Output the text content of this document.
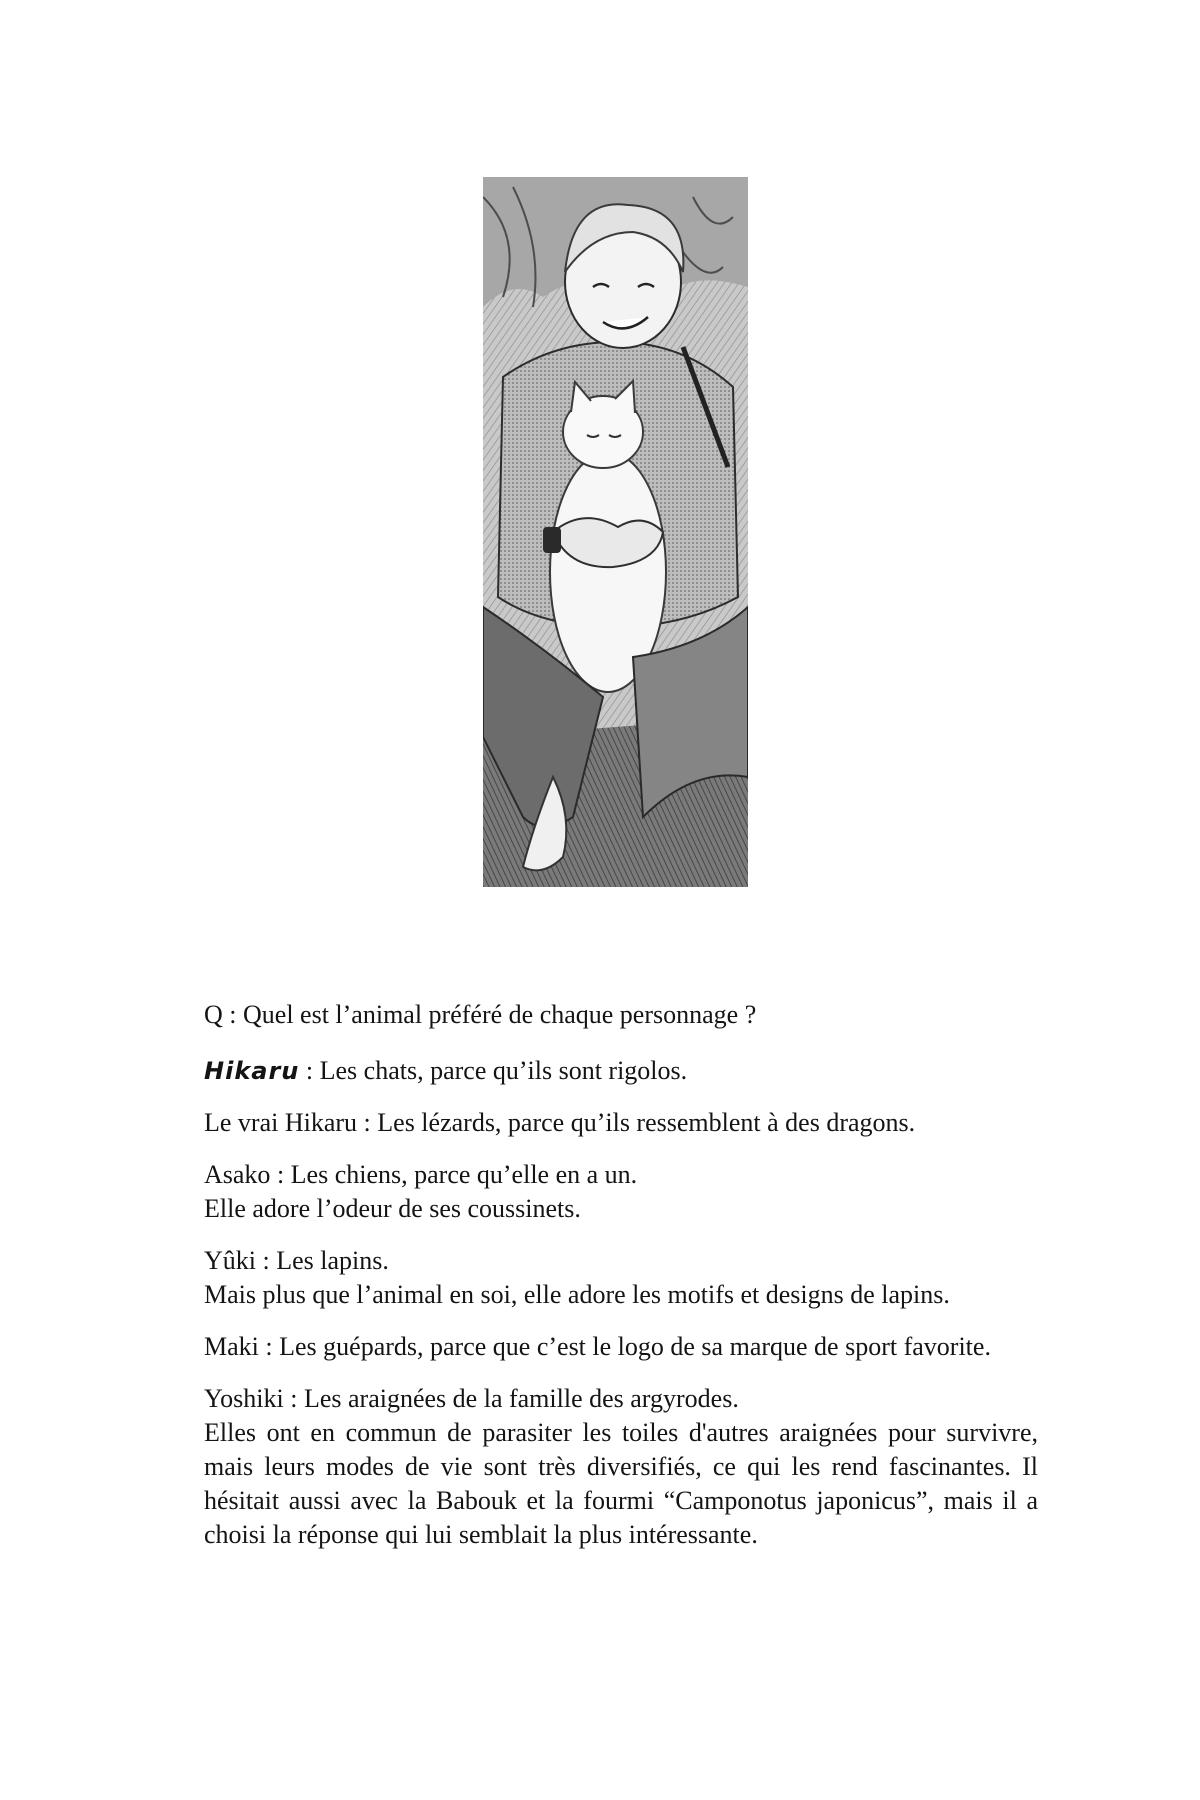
Q : Quel est l’animal préféré de chaque personnage ?

Hikaru : Les chats, parce qu’ils sont rigolos.

Le vrai Hikaru : Les lézards, parce qu’ils ressemblent à des dragons.

Asako : Les chiens, parce qu’elle en a un.

Elle adore l’odeur de ses coussinets.

Yûki : Les lapins.

Mais plus que l’animal en soi, elle adore les motifs et designs de lapins.

Maki : Les guépards, parce que c’est le logo de sa marque de sport favorite.

Yoshiki : Les araignées de la famille des argyrodes.

Elles ont en commun de parasiter les toiles d'autres araignées pour survivre, mais leurs modes de vie sont très diversifiés, ce qui les rend fascinantes. Il hésitait aussi avec la Babouk et la fourmi “Camponotus japonicus”, mais il a choisi la réponse qui lui semblait la plus intéressante.
